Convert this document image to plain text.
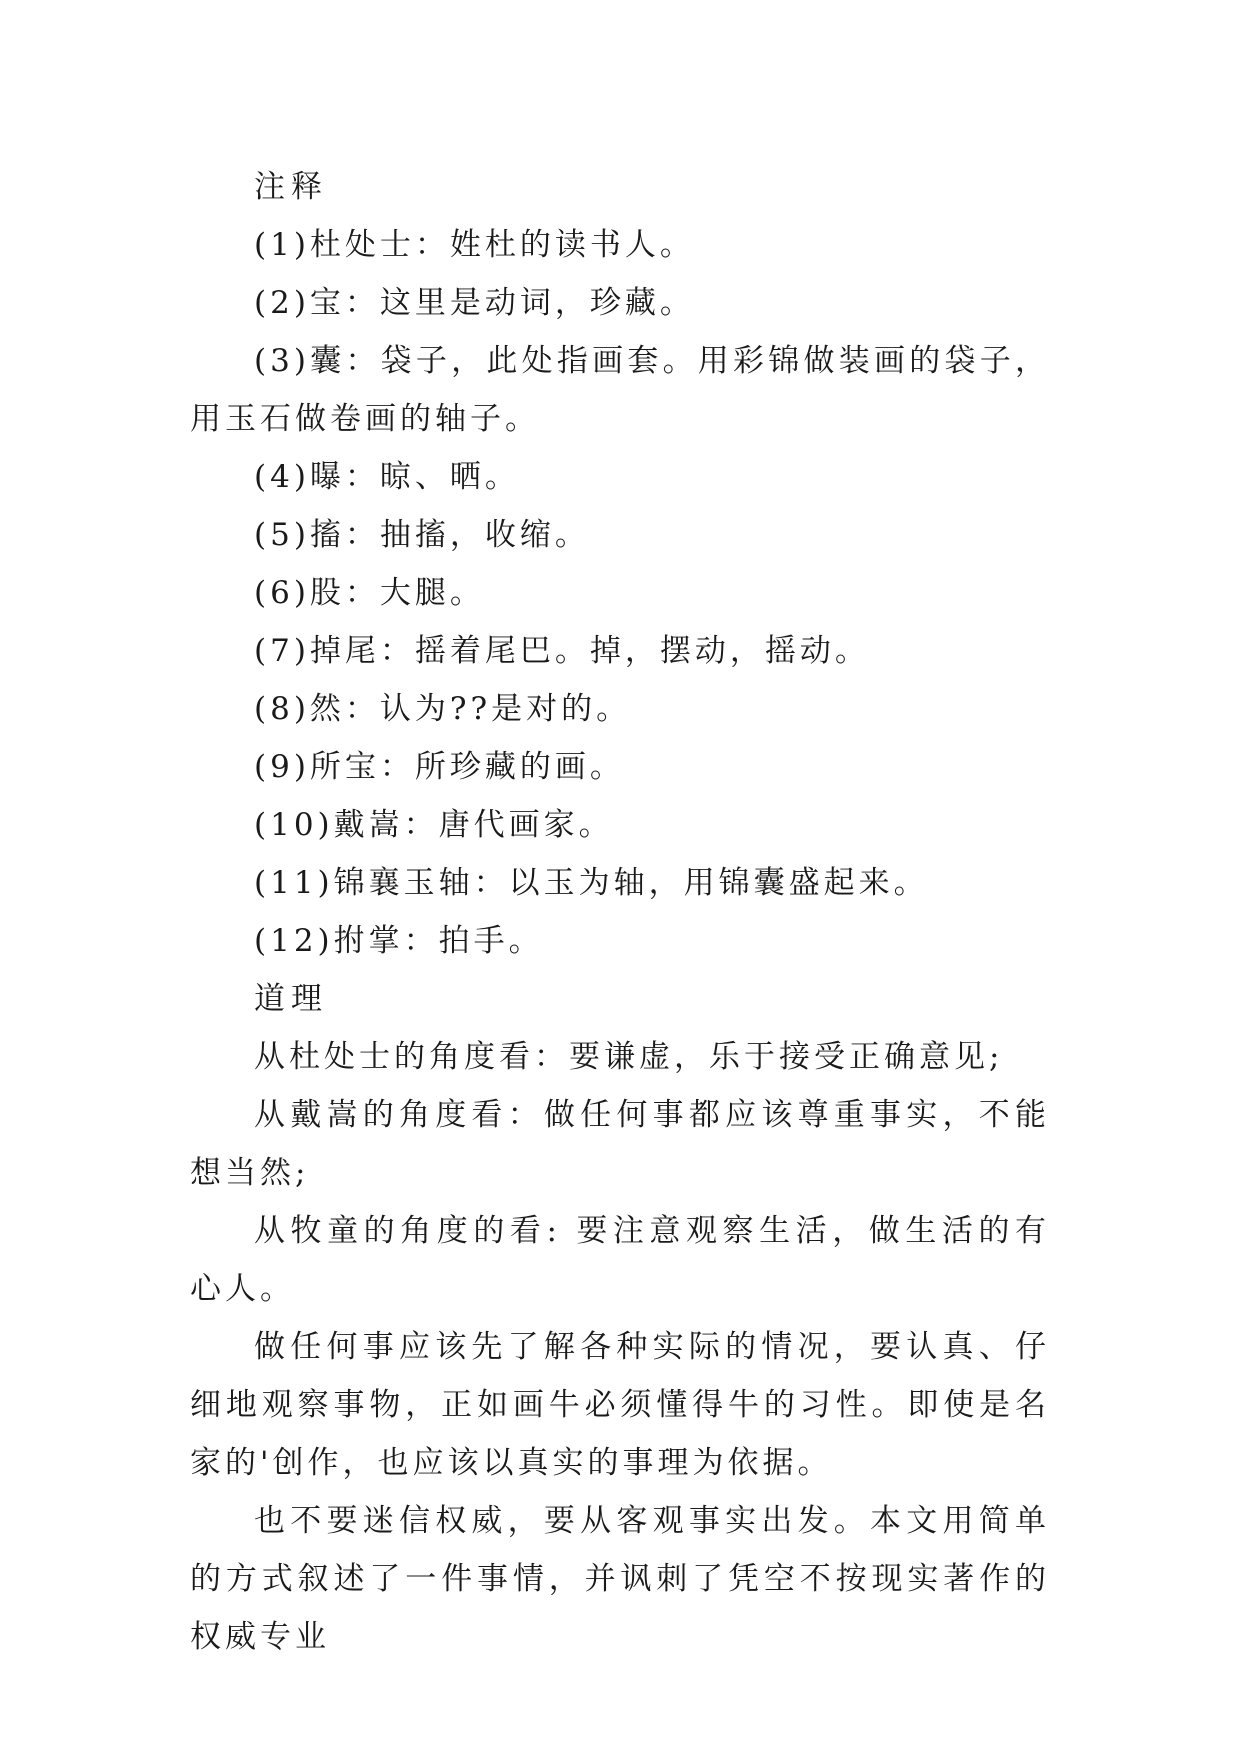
注释

(1)杜处士：姓杜的读书人。

(2)宝：这里是动词，珍藏。

(3)囊：袋子，此处指画套。用彩锦做装画的袋子，用玉石做卷画的轴子。

(4)曝：晾、晒。

(5)搐：抽搐，收缩。

(6)股：大腿。

(7)掉尾：摇着尾巴。掉，摆动，摇动。

(8)然：认为??是对的。

(9)所宝：所珍藏的画。

(10)戴嵩：唐代画家。

(11)锦襄玉轴：以玉为轴，用锦囊盛起来。

(12)拊掌：拍手。

道理

从杜处士的角度看：要谦虚，乐于接受正确意见;

从戴嵩的角度看：做任何事都应该尊重事实，不能想当然;

从牧童的角度的看: 要注意观察生活，做生活的有心人。

做任何事应该先了解各种实际的情况，要认真、仔细地观察事物，正如画牛必须懂得牛的习性。即使是名家的'创作，也应该以真实的事理为依据。

也不要迷信权威，要从客观事实出发。本文用简单的方式叙述了一件事情，并讽刺了凭空不按现实著作的权威专业
